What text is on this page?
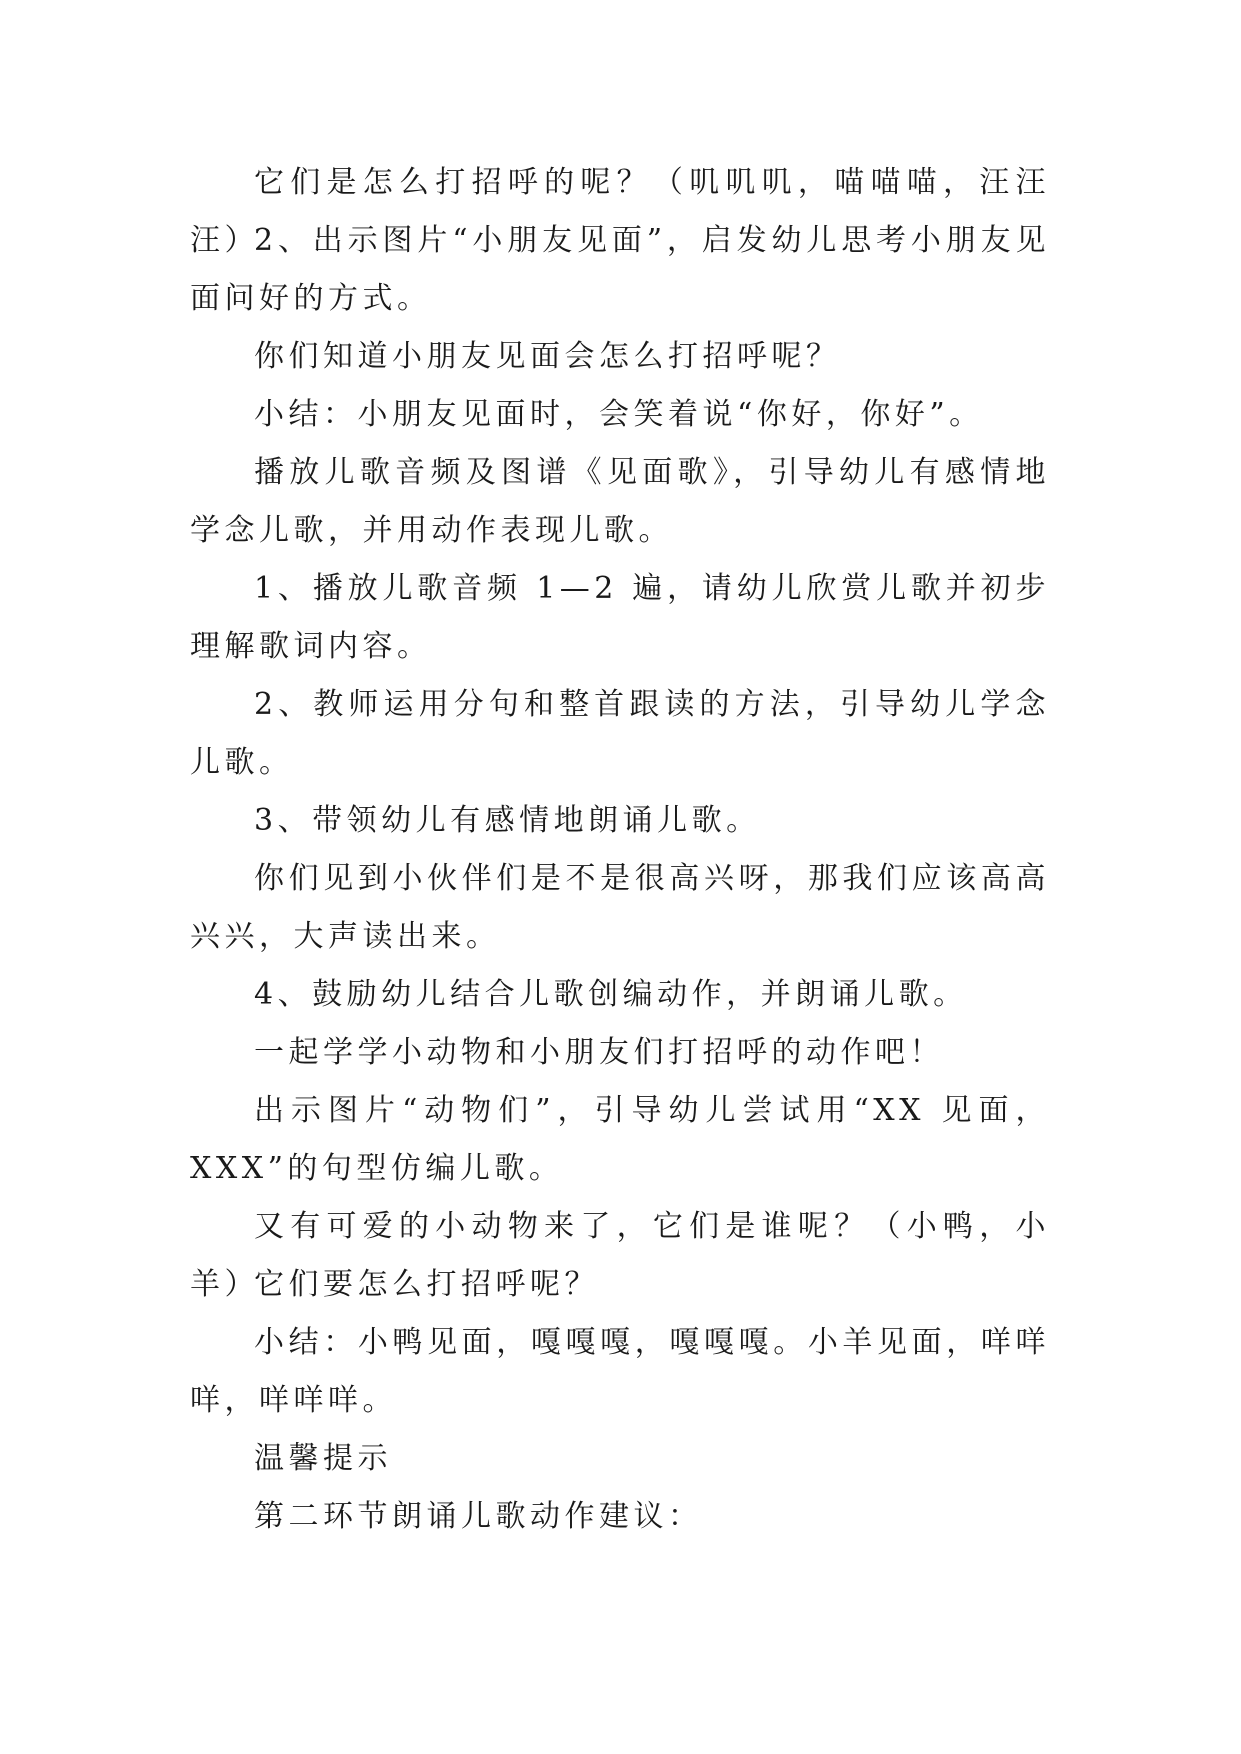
它们是怎么打招呼的呢？（叽叽叽，喵喵喵，汪汪汪）

2、出示图片“小朋友见面”，启发幼儿思考小朋友见面问好的方式。

你们知道小朋友见面会怎么打招呼呢？

小结：小朋友见面时，会笑着说“你好，你好”。

播放儿歌音频及图谱《见面歌》，引导幼儿有感情地学念儿歌，并用动作表现儿歌。

1、播放儿歌音频 1—2 遍，请幼儿欣赏儿歌并初步理解歌词内容。

2、教师运用分句和整首跟读的方法，引导幼儿学念儿歌。

3、带领幼儿有感情地朗诵儿歌。

你们见到小伙伴们是不是很高兴呀，那我们应该高高兴兴，大声读出来。

4、鼓励幼儿结合儿歌创编动作，并朗诵儿歌。

一起学学小动物和小朋友们打招呼的动作吧！

出示图片“动物们”，引导幼儿尝试用“XX 见面，XXX”的句型仿编儿歌。

又有可爱的小动物来了，它们是谁呢？（小鸭，小羊）

它们要怎么打招呼呢？

小结：小鸭见面，嘎嘎嘎，嘎嘎嘎。小羊见面，咩咩咩，咩咩咩。

温馨提示

第二环节朗诵儿歌动作建议：
